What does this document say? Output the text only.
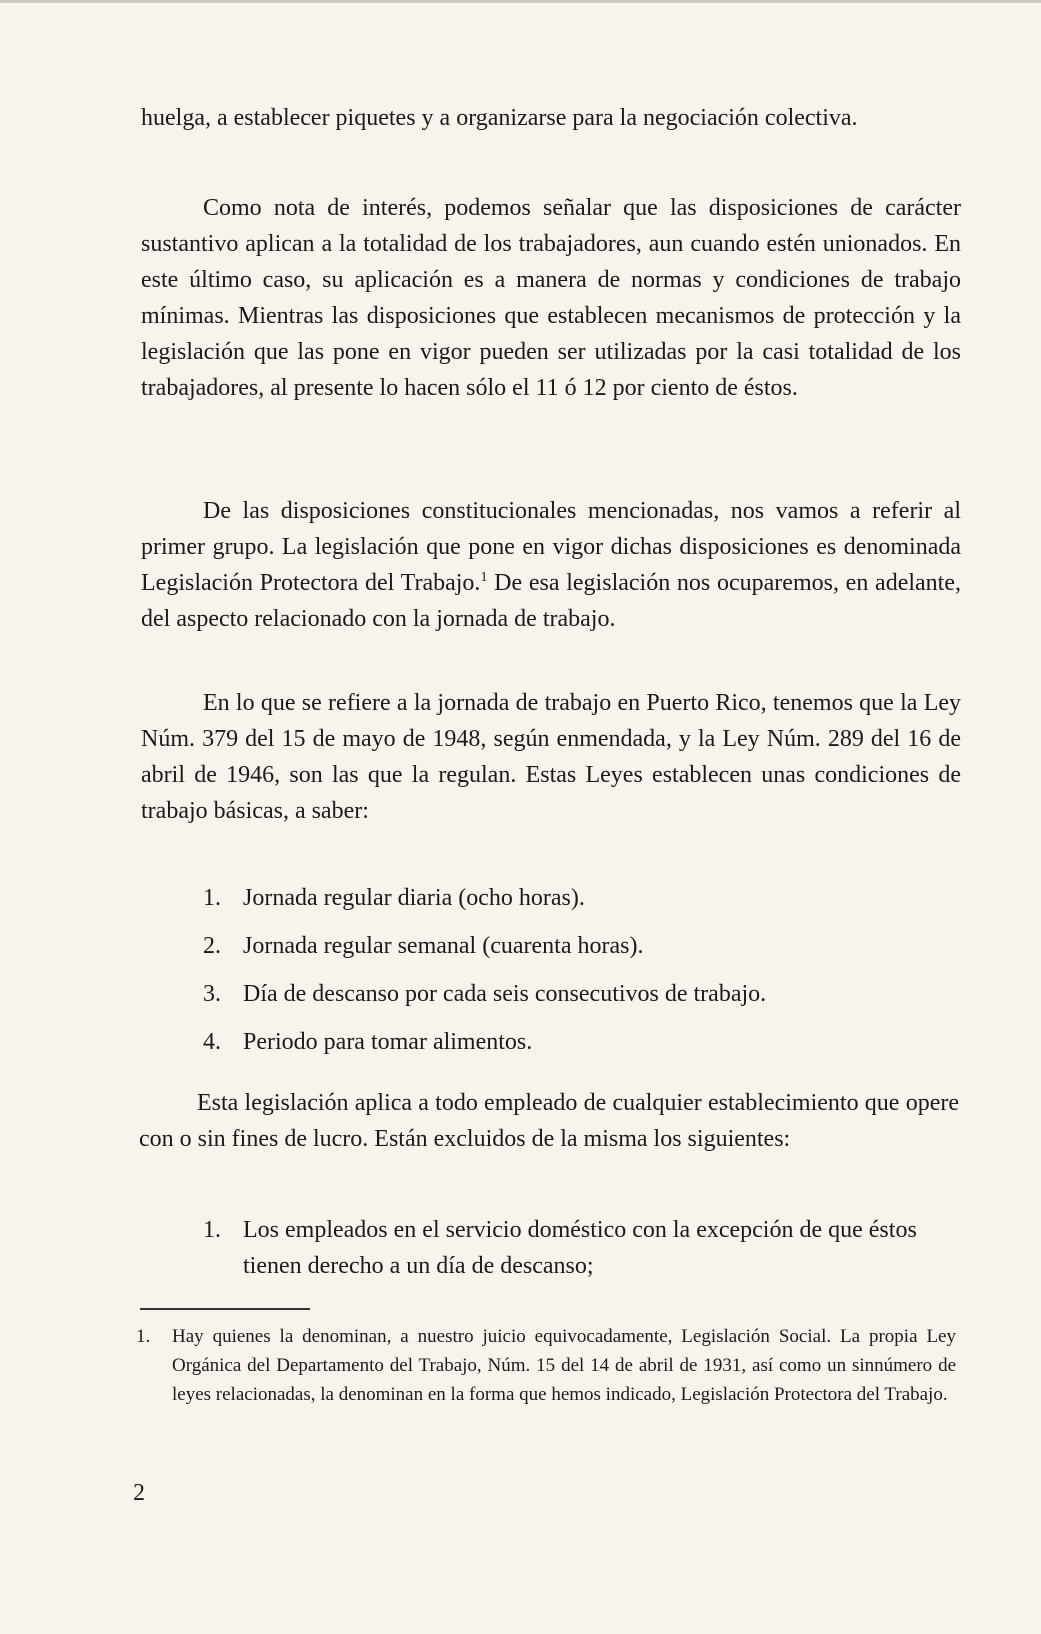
huelga, a establecer piquetes y a organizarse para la negociación colectiva.

Como nota de interés, podemos señalar que las disposiciones de carácter sustantivo aplican a la totalidad de los trabajadores, aun cuando estén unionados. En este último caso, su aplicación es a manera de normas y condiciones de trabajo mínimas. Mientras las disposiciones que establecen mecanismos de protección y la legislación que las pone en vigor pueden ser utilizadas por la casi totalidad de los trabajadores, al presente lo hacen sólo el 11 ó 12 por ciento de éstos.

De las disposiciones constitucionales mencionadas, nos vamos a referir al primer grupo. La legislación que pone en vigor dichas disposiciones es denominada Legislación Protectora del Trabajo.$^1$ De esa legislación nos ocuparemos, en adelante, del aspecto relacionado con la jornada de trabajo.

En lo que se refiere a la jornada de trabajo en Puerto Rico, tenemos que la Ley Núm. 379 del 15 de mayo de 1948, según enmendada, y la Ley Núm. 289 del 16 de abril de 1946, son las que la regulan. Estas Leyes establecen unas condiciones de trabajo básicas, a saber:

1. Jornada regular diaria (ocho horas).
2. Jornada regular semanal (cuarenta horas).
3. Día de descanso por cada seis consecutivos de trabajo.
4. Periodo para tomar alimentos.

Esta legislación aplica a todo empleado de cualquier establecimiento que opere con o sin fines de lucro. Están excluidos de la misma los siguientes:

1. Los empleados en el servicio doméstico con la excepción de que éstos tienen derecho a un día de descanso;
1.	Hay quienes la denominan, a nuestro juicio equivocadamente, Legislación Social. La propia Ley Orgánica del Departamento del Trabajo, Núm. 15 del 14 de abril de 1931, así como un sinnúmero de leyes relacionadas, la denominan en la forma que hemos indicado, Legislación Protectora del Trabajo.
2
